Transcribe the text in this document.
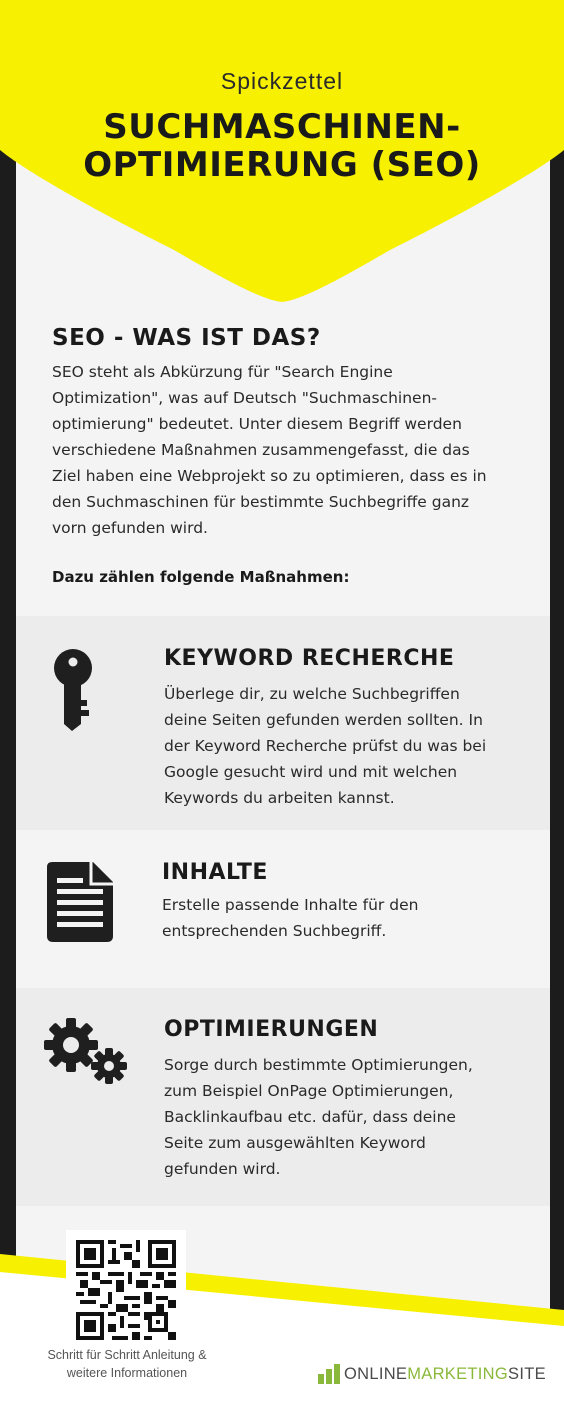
Spickzettel
SUCHMASCHINEN-
OPTIMIERUNG (SEO)
SEO - WAS IST DAS?
SEO steht als Abkürzung für "Search Engine
Optimization", was auf Deutsch "Suchmaschinen-
optimierung" bedeutet. Unter diesem Begriff werden
verschiedene Maßnahmen zusammengefasst, die das
Ziel haben eine Webprojekt so zu optimieren, dass es in
den Suchmaschinen für bestimmte Suchbegriffe ganz
vorn gefunden wird.
Dazu zählen folgende Maßnahmen:
KEYWORD RECHERCHE
Überlege dir, zu welche Suchbegriffen
deine Seiten gefunden werden sollten. In
der Keyword Recherche prüfst du was bei
Google gesucht wird und mit welchen
Keywords du arbeiten kannst.
INHALTE
Erstelle passende Inhalte für den
entsprechenden Suchbegriff.
OPTIMIERUNGEN
Sorge durch bestimmte Optimierungen,
zum Beispiel OnPage Optimierungen,
Backlinkaufbau etc. dafür, dass deine
Seite zum ausgewählten Keyword
gefunden wird.
Schritt für Schritt Anleitung &
weitere Informationen	ONLINEMARKETINGSITE
